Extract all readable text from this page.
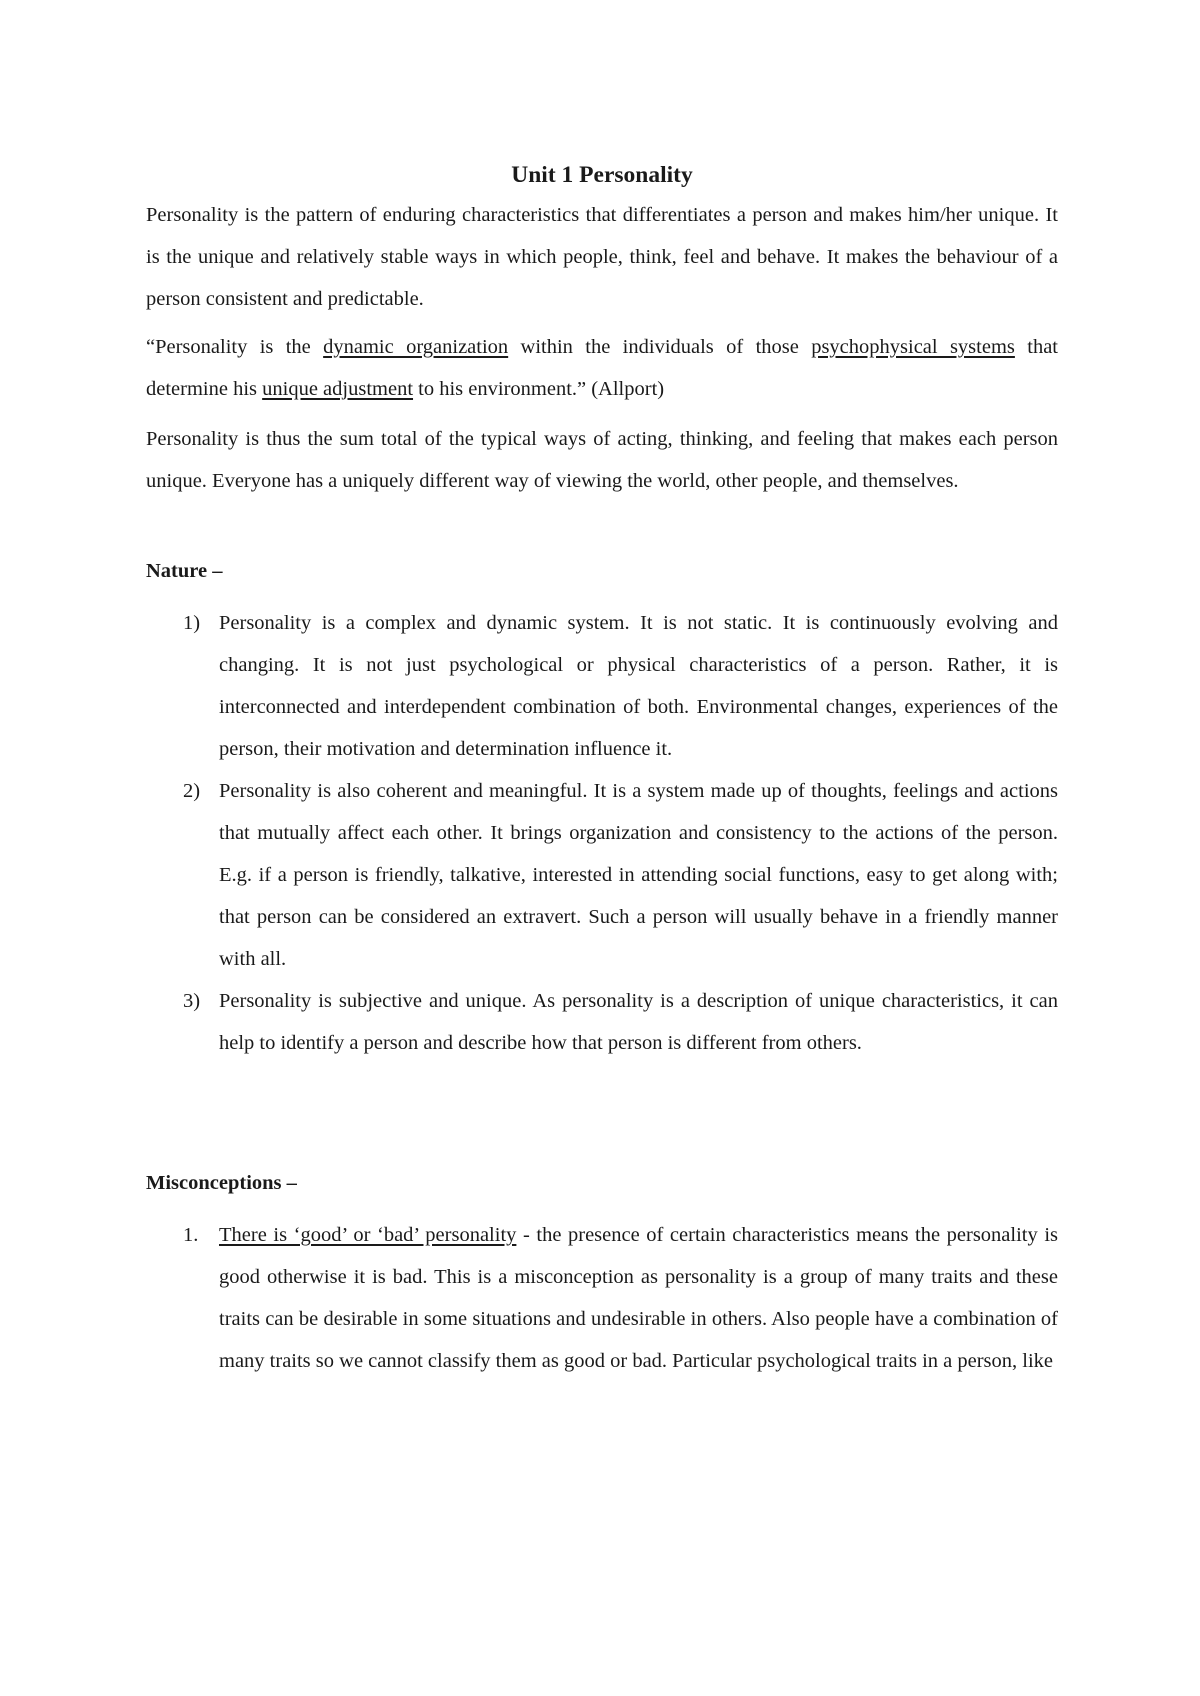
Unit 1 Personality

Personality is the pattern of enduring characteristics that differentiates a person and makes him/her unique. It is the unique and relatively stable ways in which people, think, feel and behave. It makes the behaviour of a person consistent and predictable.

“Personality is the dynamic organization within the individuals of those psychophysical systems that determine his unique adjustment to his environment.” (Allport)

Personality is thus the sum total of the typical ways of acting, thinking, and feeling that makes each person unique. Everyone has a uniquely different way of viewing the world, other people, and themselves.

Nature –
1) Personality is a complex and dynamic system. It is not static. It is continuously evolving and changing. It is not just psychological or physical characteristics of a person. Rather, it is interconnected and interdependent combination of both. Environmental changes, experiences of the person, their motivation and determination influence it.
2) Personality is also coherent and meaningful. It is a system made up of thoughts, feelings and actions that mutually affect each other. It brings organization and consistency to the actions of the person. E.g. if a person is friendly, talkative, interested in attending social functions, easy to get along with; that person can be considered an extravert. Such a person will usually behave in a friendly manner with all.
3) Personality is subjective and unique. As personality is a description of unique characteristics, it can help to identify a person and describe how that person is different from others.
Misconceptions –
1. There is ‘good’ or ‘bad’ personality - the presence of certain characteristics means the personality is good otherwise it is bad. This is a misconception as personality is a group of many traits and these traits can be desirable in some situations and undesirable in others. Also people have a combination of many traits so we cannot classify them as good or bad. Particular psychological traits in a person, like
